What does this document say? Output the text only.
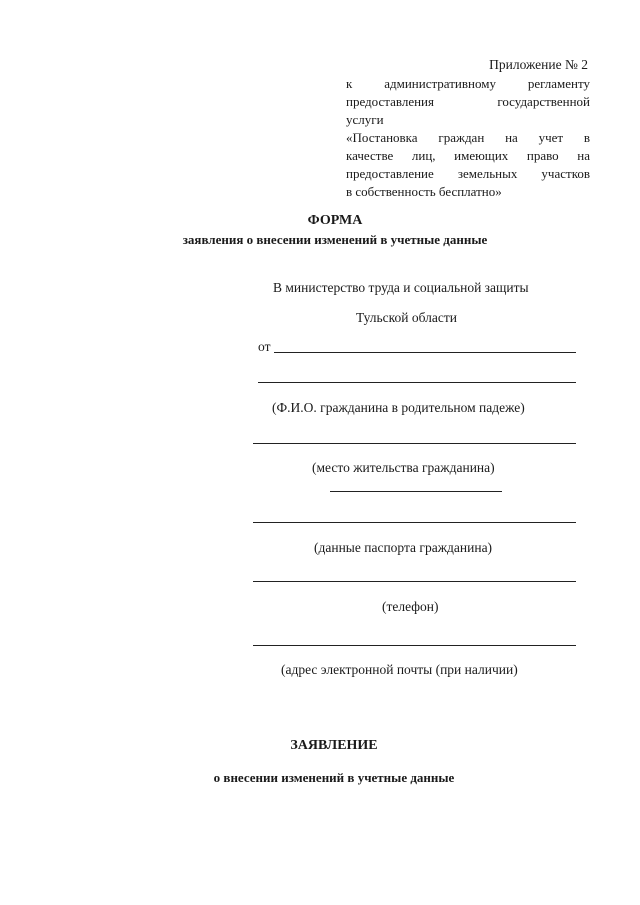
Приложение № 2
к административному регламенту
предоставления государственной
услуги
«Постановка граждан на учет в
качестве лиц, имеющих право на
предоставление земельных участков
в собственность бесплатно»
ФОРМА
заявления о внесении изменений в учетные данные
В министерство труда и социальной защиты
Тульской области
от
(Ф.И.О. гражданина в родительном падеже)
(место жительства гражданина)
(данные паспорта гражданина)
(телефон)
(адрес электронной почты (при наличии)
ЗАЯВЛЕНИЕ
о внесении изменений в учетные данные
